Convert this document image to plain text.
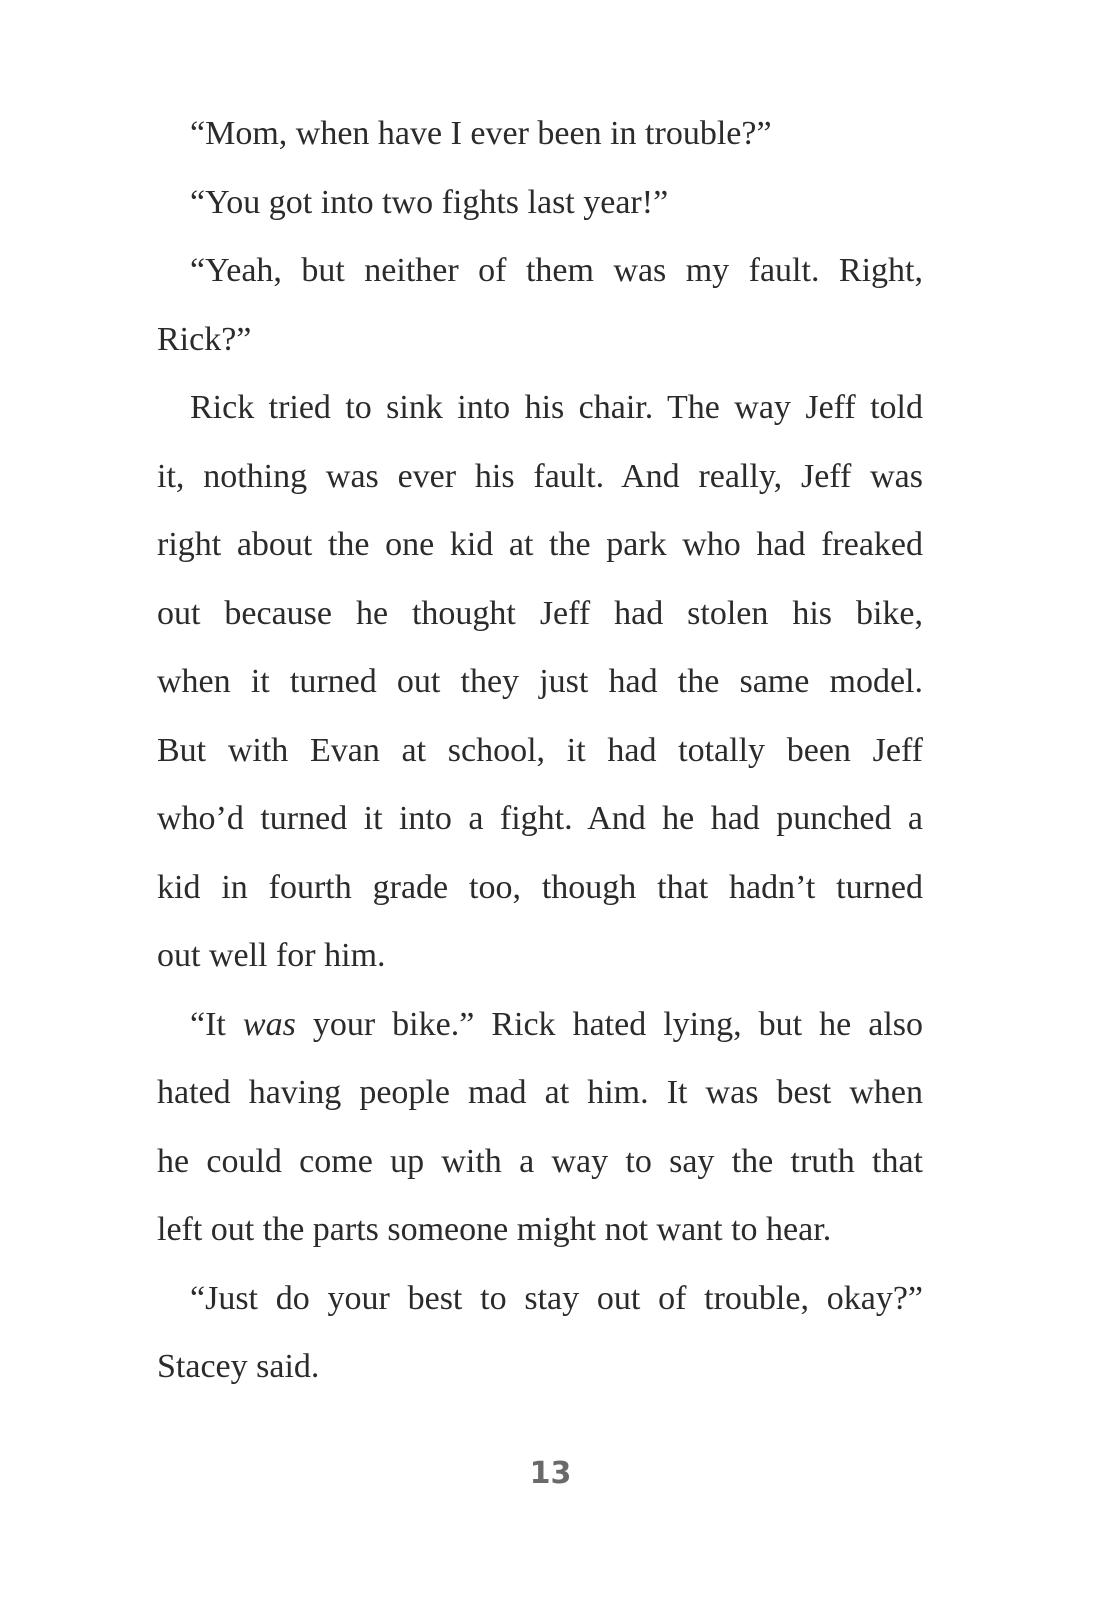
“Mom, when have I ever been in trouble?”
“You got into two fights last year!”
“Yeah, but neither of them was my fault. Right,
Rick?”
Rick tried to sink into his chair. The way Jeff told
it, nothing was ever his fault. And really, Jeff was
right about the one kid at the park who had freaked
out because he thought Jeff had stolen his bike,
when it turned out they just had the same model.
But with Evan at school, it had totally been Jeff
who’d turned it into a fight. And he had punched a
kid in fourth grade too, though that hadn’t turned
out well for him.
“It was your bike.” Rick hated lying, but he also
hated having people mad at him. It was best when
he could come up with a way to say the truth that
left out the parts someone might not want to hear.
“Just do your best to stay out of trouble, okay?”
Stacey said.
13
